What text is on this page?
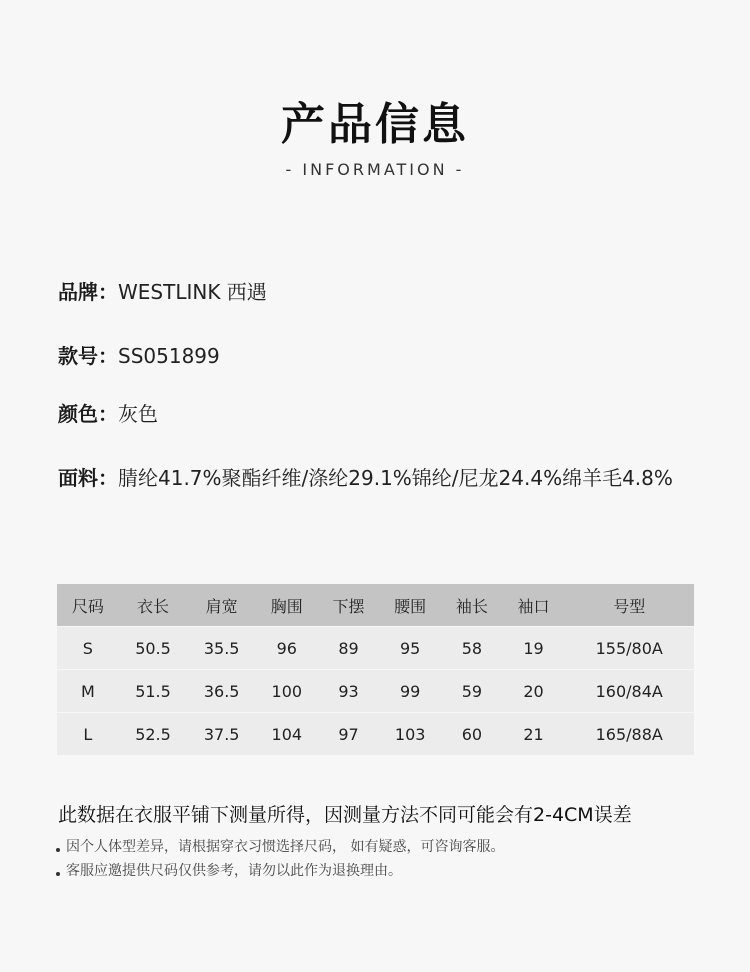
产品信息
- INFORMATION -
品牌： WESTLINK 西遇
款号： SS051899
颜色： 灰色
面料： 腈纶41.7%聚酯纤维/涤纶29.1%锦纶/尼龙24.4%绵羊毛4.8%
尺码	衣长	肩宽	胸围	下摆	腰围	袖长	袖口	号型
S	50.5	35.5	96	89	95	58	19	155/80A
M	51.5	36.5	100	93	99	59	20	160/84A
L	52.5	37.5	104	97	103	60	21	165/88A
此数据在衣服平铺下测量所得，因测量方法不同可能会有2-4CM误差
因个人体型差异，请根据穿衣习惯选择尺码， 如有疑惑，可咨询客服。
客服应邀提供尺码仅供参考，请勿以此作为退换理由。
